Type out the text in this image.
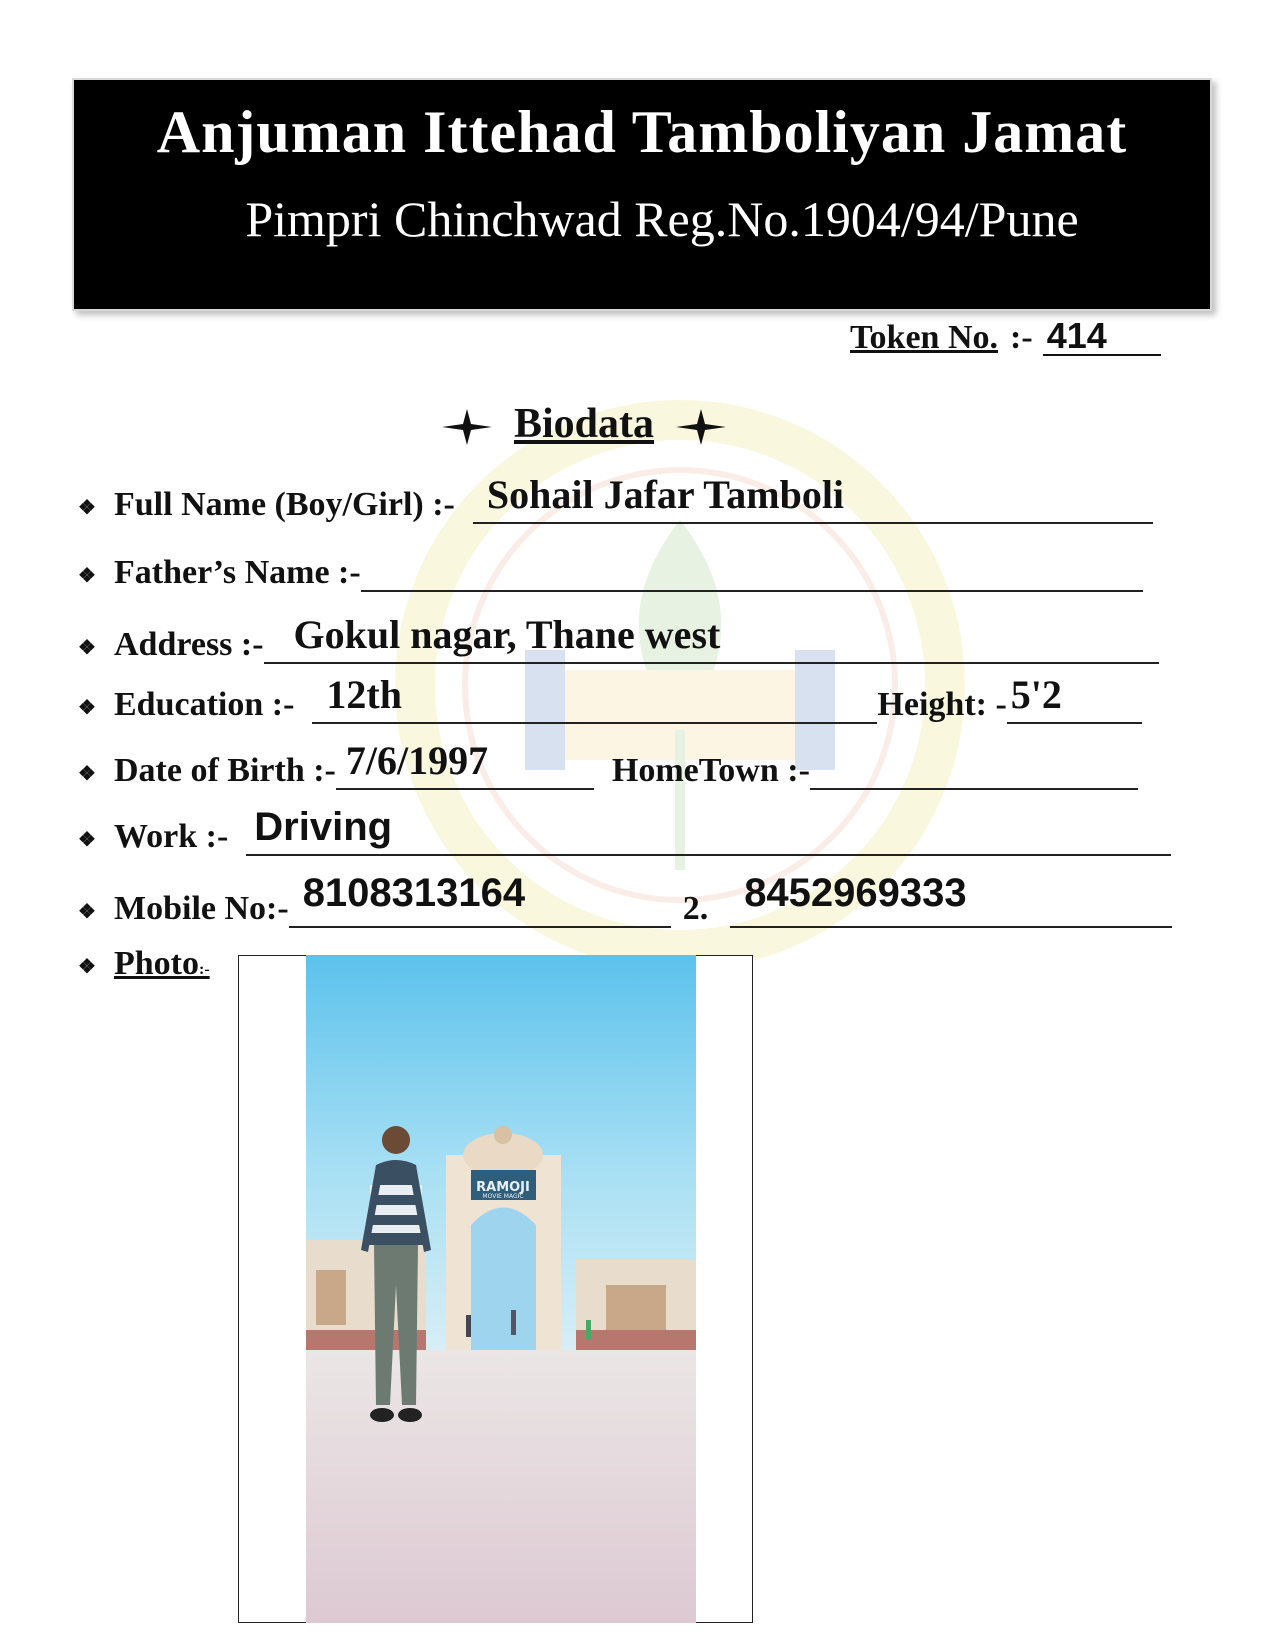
Anjuman Ittehad Tamboliyan Jamat
Pimpri Chinchwad Reg.No.1904/94/Pune
Token No. :- 414
Biodata
❖ Full Name (Boy/Girl) :- Sohail Jafar Tamboli
❖ Father’s Name :-
❖ Address :- Gokul nagar, Thane west
❖ Education :- 12th	Height: - 5'2
❖ Date of Birth :- 7/6/1997	HomeTown :-
❖ Work :- Driving
❖ Mobile No:- 8108313164	2. 8452969333
❖ Photo:-
RAMOJI
MOVIE MAGIC
